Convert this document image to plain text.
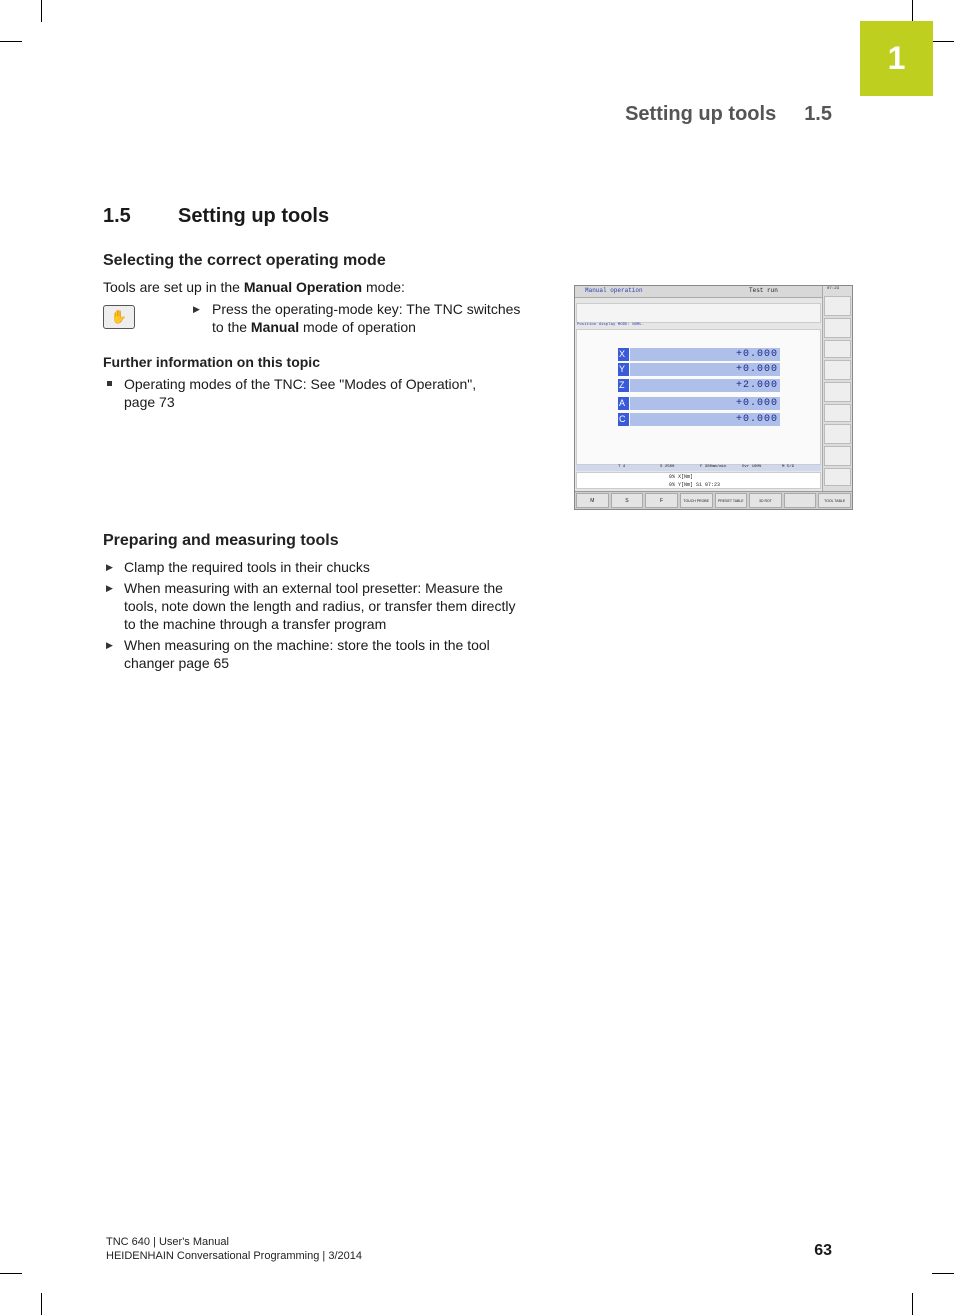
1
Setting up tools 1.5
1.5 Setting up tools
Selecting the correct operating mode
Tools are set up in the Manual Operation mode:
✋	▶ Press the operating-mode key: The TNC switches
to the Manual mode of operation
Further information on this topic
Operating modes of the TNC: See "Modes of Operation",
page 73
Manual operation	Test run
Position display MODE: NOML.
X	+0.000
Y	+0.000
Z	+2.000
A	+0.000
C	+0.000
T 4	S 2500	F 300mm/min	Ovr 100%	M 5/9
0% X[Nm]
0% Y[Nm] S1 07:23
M	S	F	TOUCH PROBE	PRESET TABLE	3D ROT	TOOL TABLE
07:23
Preparing and measuring tools
▶ Clamp the required tools in their chucks
▶ When measuring with an external tool presetter: Measure the
tools, note down the length and radius, or transfer them directly
to the machine through a transfer program
▶ When measuring on the machine: store the tools in the tool
changer page 65
TNC 640 | User's Manual
HEIDENHAIN Conversational Programming | 3/2014	63
